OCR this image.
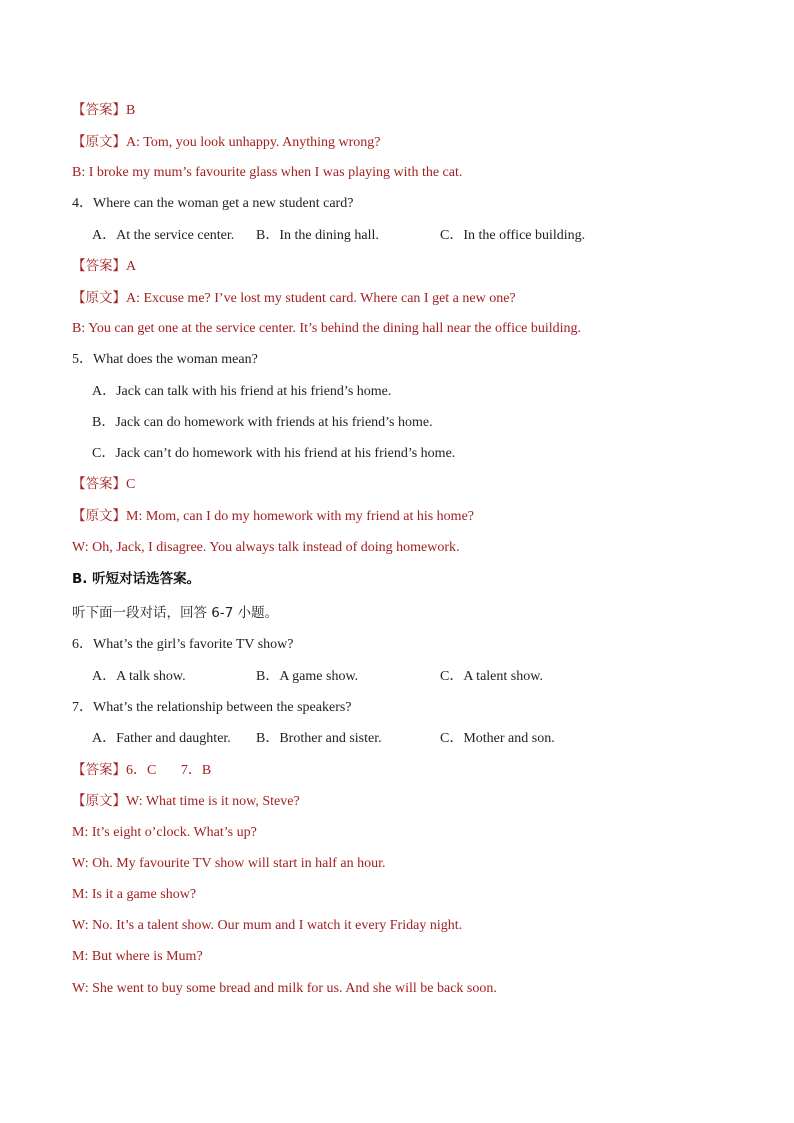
【答案】B
【原文】A: Tom, you look unhappy. Anything wrong?
B: I broke my mum’s favourite glass when I was playing with the cat.
4．Where can the woman get a new student card?
A．At the service center. B．In the dining hall.	C．In the office building.
【答案】A
【原文】A: Excuse me? I’ve lost my student card. Where can I get a new one?
B: You can get one at the service center. It’s behind the dining hall near the office building.
5．What does the woman mean?
A．Jack can talk with his friend at his friend’s home.
B．Jack can do homework with friends at his friend’s home.
C．Jack can’t do homework with his friend at his friend’s home.
【答案】C
【原文】M: Mom, can I do my homework with my friend at his home?
W: Oh, Jack, I disagree. You always talk instead of doing homework.
B. 听短对话选答案。
听下面一段对话，回答 6-7 小题。
6．What’s the girl’s favorite TV show?
A．A talk show.	B．A game show.	C．A talent show.
7．What’s the relationship between the speakers?
A．Father and daughter. B．Brother and sister.	C．Mother and son.
【答案】6．C       7．B
【原文】W: What time is it now, Steve?
M: It’s eight o’clock. What’s up?
W: Oh. My favourite TV show will start in half an hour.
M: Is it a game show?
W: No. It’s a talent show. Our mum and I watch it every Friday night.
M: But where is Mum?
W: She went to buy some bread and milk for us. And she will be back soon.
